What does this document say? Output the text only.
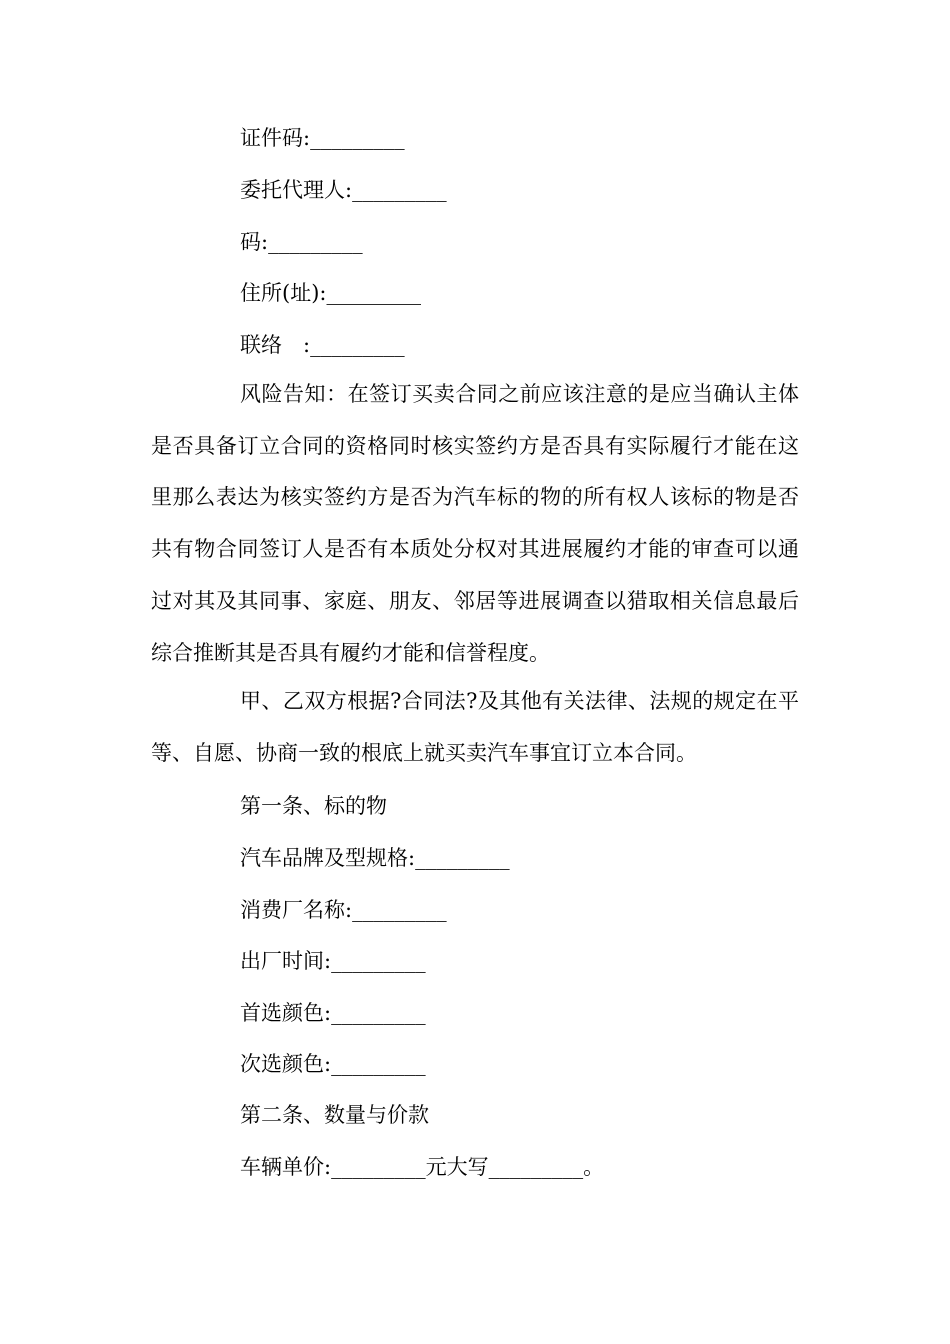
证件码:_________
委托代理人:_________
码:_________
住所(址):_________
联络　:_________
风险告知：在签订买卖合同之前应该注意的是应当确认主体是否具备订立合同的资格同时核实签约方是否具有实际履行才能在这里那么表达为核实签约方是否为汽车标的物的所有权人该标的物是否共有物合同签订人是否有本质处分权对其进展履约才能的审查可以通过对其及其同事、家庭、朋友、邻居等进展调查以猎取相关信息最后综合推断其是否具有履约才能和信誉程度。
甲、乙双方根据?合同法?及其他有关法律、法规的规定在平等、自愿、协商一致的根底上就买卖汽车事宜订立本合同。
第一条、标的物
汽车品牌及型规格:_________
消费厂名称:_________
出厂时间:_________
首选颜色:_________
次选颜色:_________
第二条、数量与价款
车辆单价:_________元大写_________。
